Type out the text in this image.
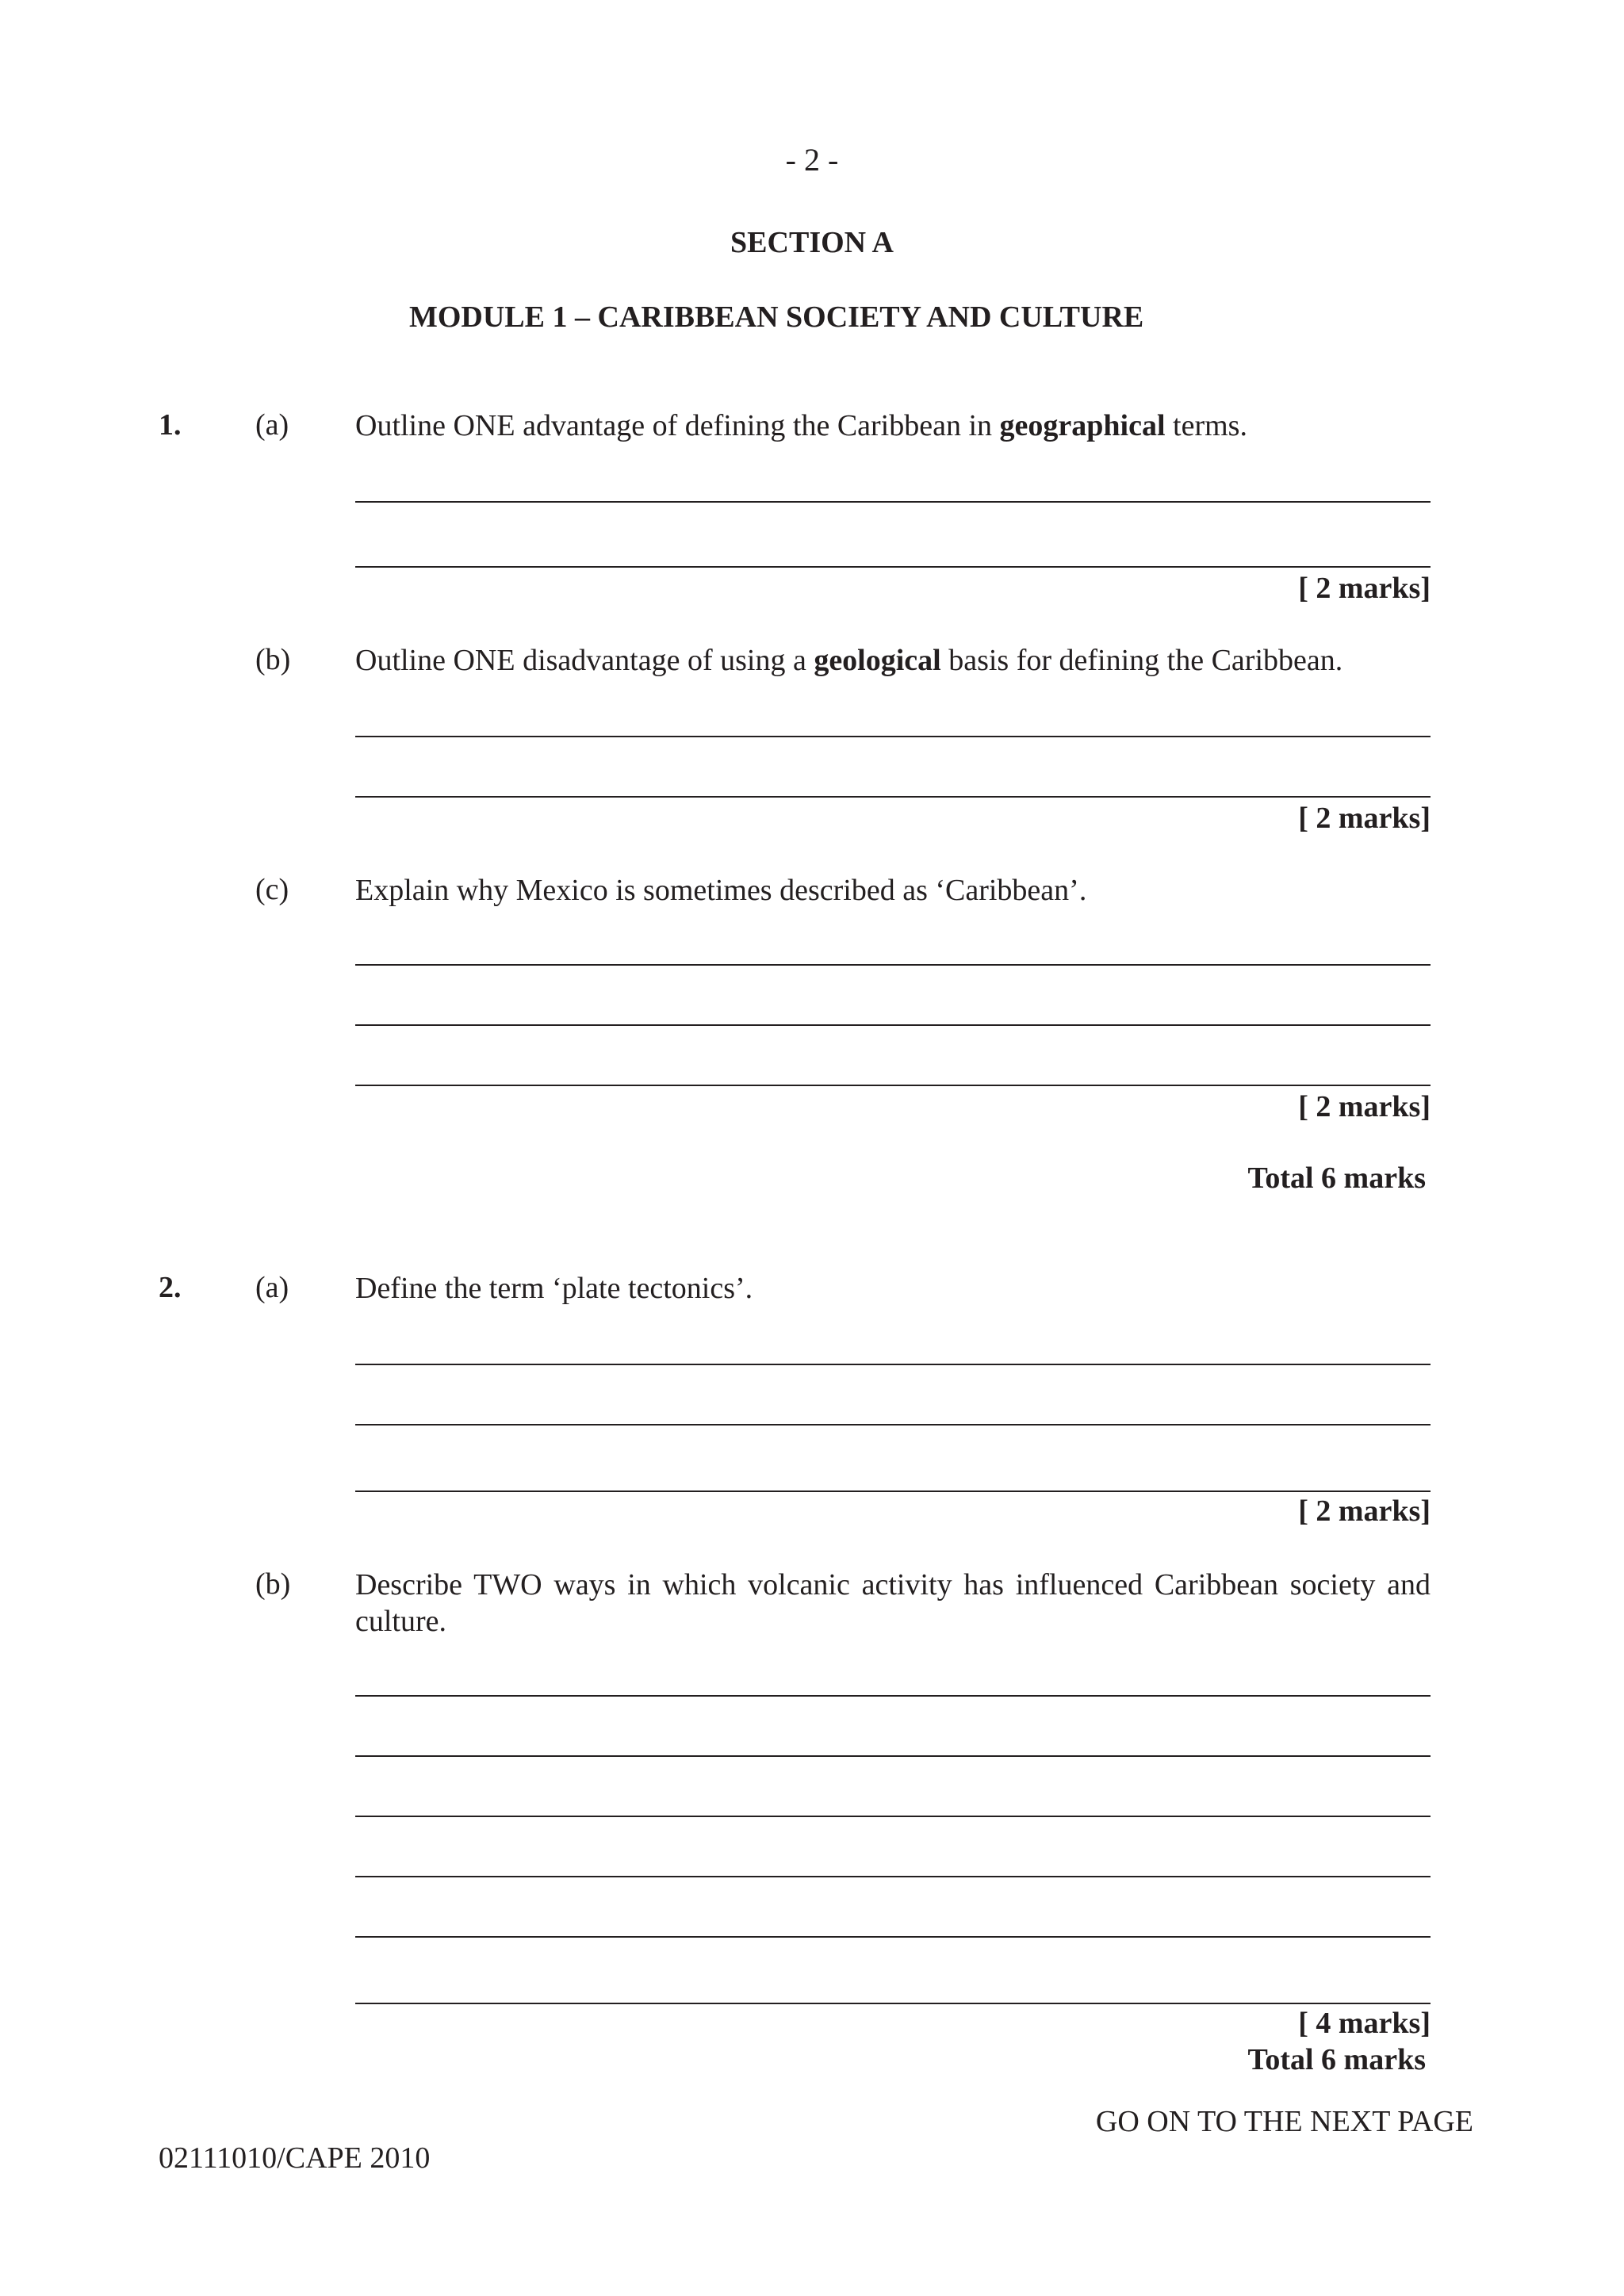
- 2 -
SECTION A
MODULE 1 – CARIBBEAN SOCIETY AND CULTURE
1. (a) Outline ONE advantage of defining the Caribbean in geographical terms.
[ 2 marks]
(b) Outline ONE disadvantage of using a geological basis for defining the Caribbean.
[ 2 marks]
(c) Explain why Mexico is sometimes described as ‘Caribbean’.
[ 2 marks]
Total 6 marks
2. (a) Define the term ‘plate tectonics’.
[ 2 marks]
(b) Describe TWO ways in which volcanic activity has influenced Caribbean society and culture.
[ 4 marks]
Total 6 marks
GO ON TO THE NEXT PAGE
02111010/CAPE 2010
